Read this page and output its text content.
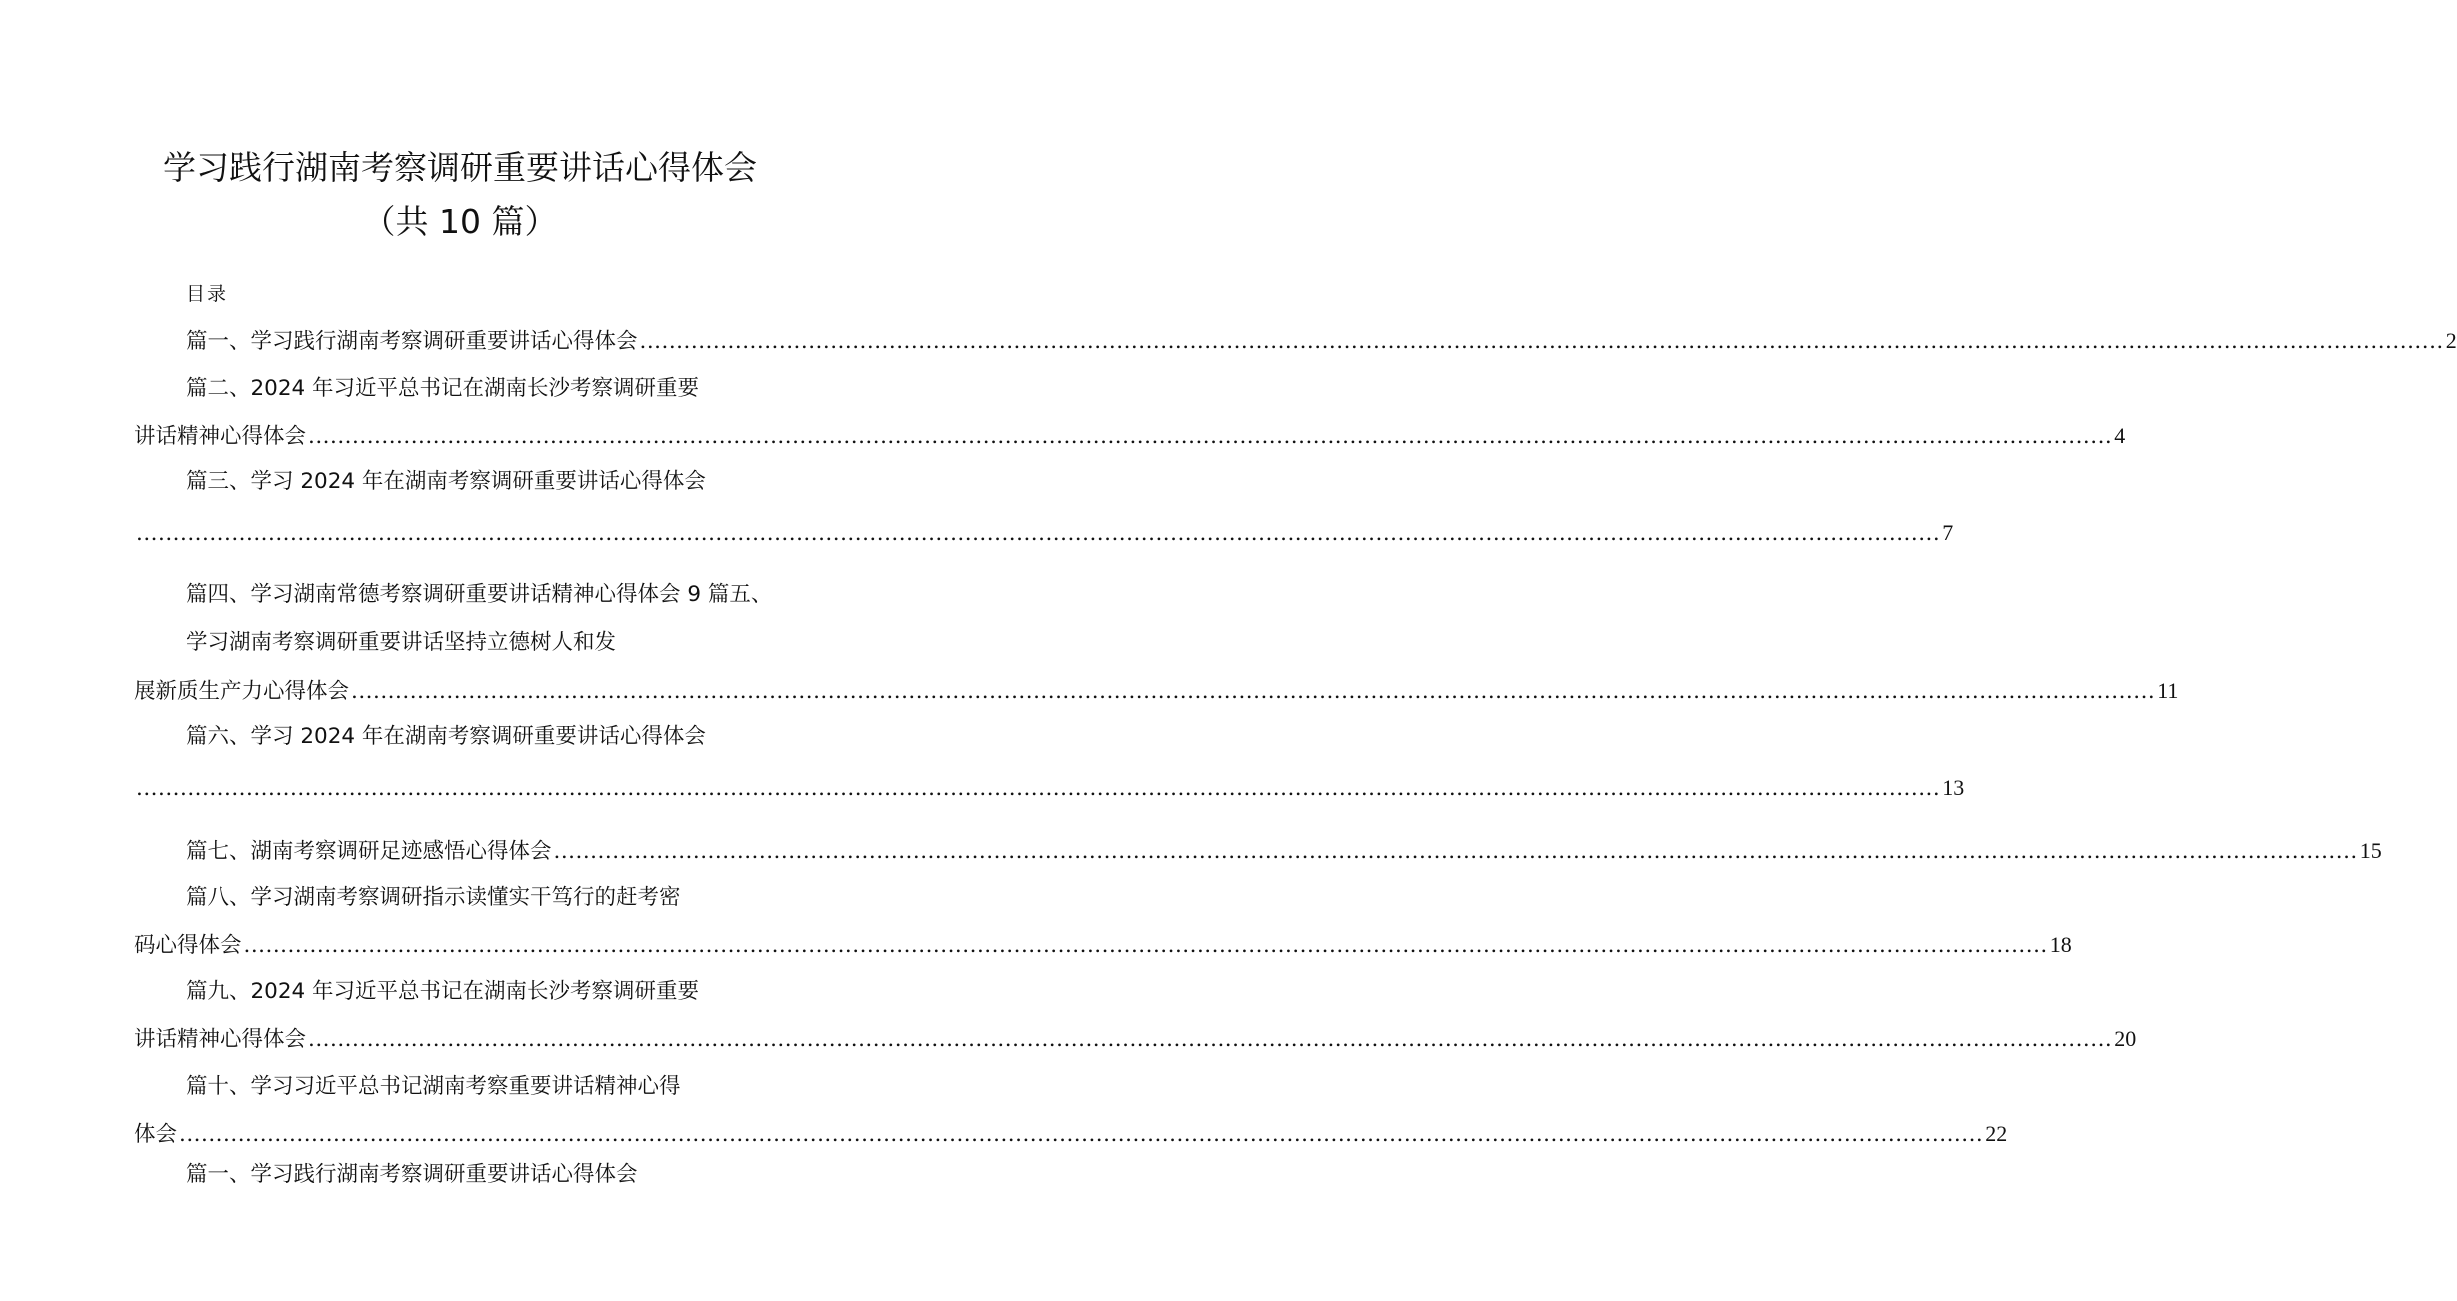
学习践行湖南考察调研重要讲话心得体会
（共 10 篇）
目录
篇一、学习践行湖南考察调研重要讲话心得体会 ...................................................................................................................................................................................................................................................... 2
篇二、2024 年习近平总书记在湖南长沙考察调研重要
讲话精神心得体会 ...................................................................................................................................................................................................................................................... 4
篇三、学习 2024 年在湖南考察调研重要讲话心得体会
...................................................................................................................................................................................................................................................... 7
篇四、学习湖南常德考察调研重要讲话精神心得体会 9 篇五、
学习湖南考察调研重要讲话坚持立德树人和发
展新质生产力心得体会 ...................................................................................................................................................................................................................................................... 11
篇六、学习 2024 年在湖南考察调研重要讲话心得体会
...................................................................................................................................................................................................................................................... 13
篇七、湖南考察调研足迹感悟心得体会 ...................................................................................................................................................................................................................................................... 15
篇八、学习湖南考察调研指示读懂实干笃行的赶考密
码心得体会 ...................................................................................................................................................................................................................................................... 18
篇九、2024 年习近平总书记在湖南长沙考察调研重要
讲话精神心得体会 ...................................................................................................................................................................................................................................................... 20
篇十、学习习近平总书记湖南考察重要讲话精神心得
体会 ...................................................................................................................................................................................................................................................... 22
篇一、学习践行湖南考察调研重要讲话心得体会
